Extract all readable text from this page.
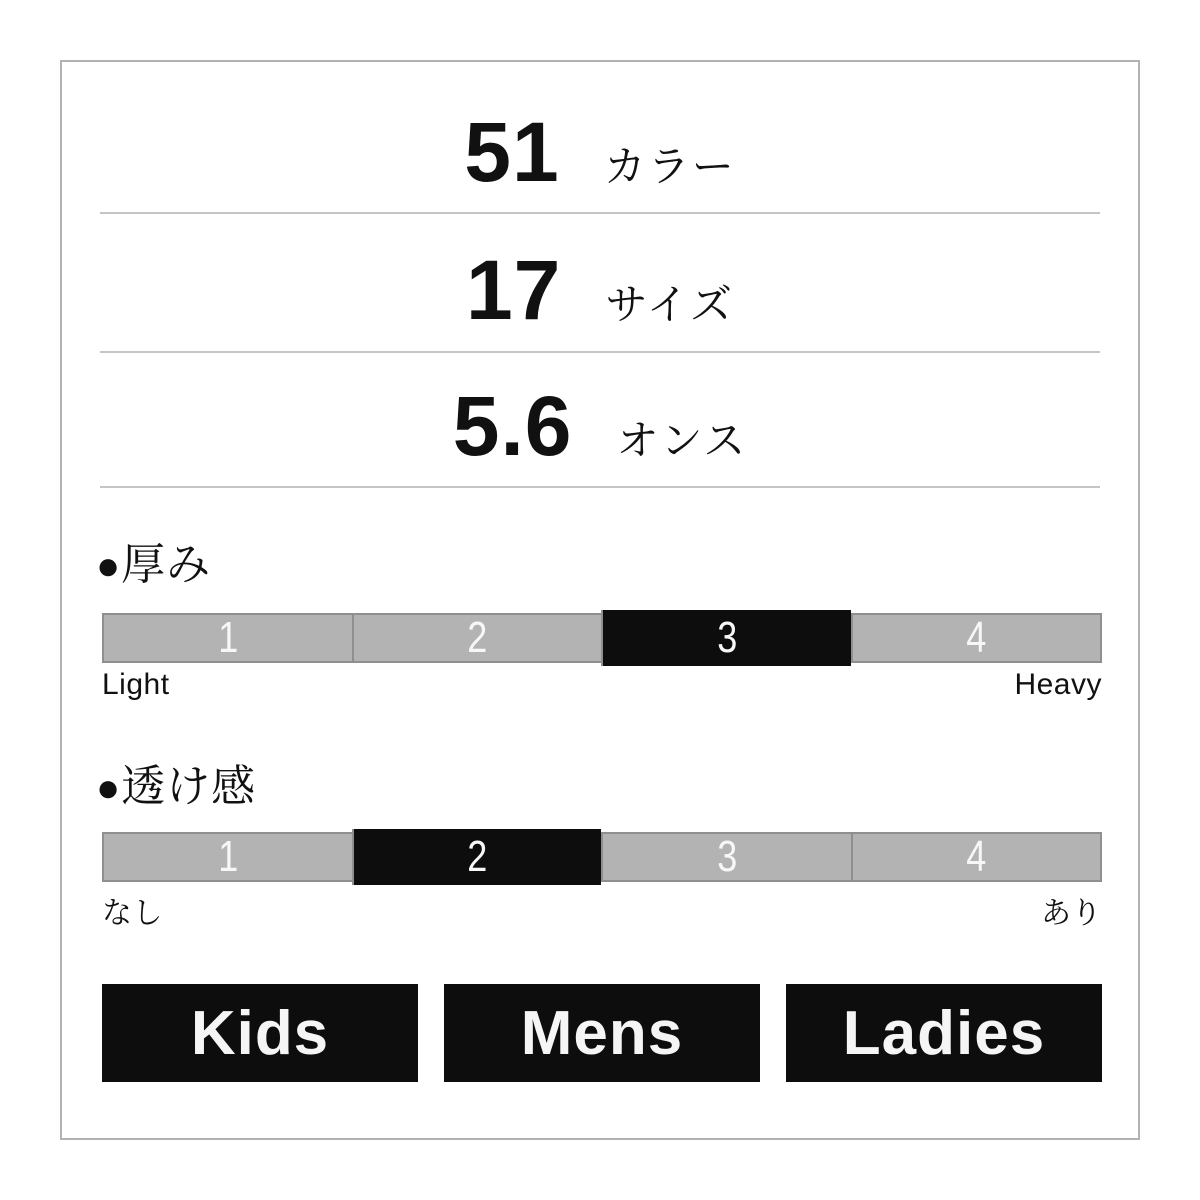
51 カラー
17 サイズ
5.6 オンス
●厚み
1	2	3	4
Light	Heavy
●透け感
1	2	3	4
なし	あり
Kids	Mens	Ladies
